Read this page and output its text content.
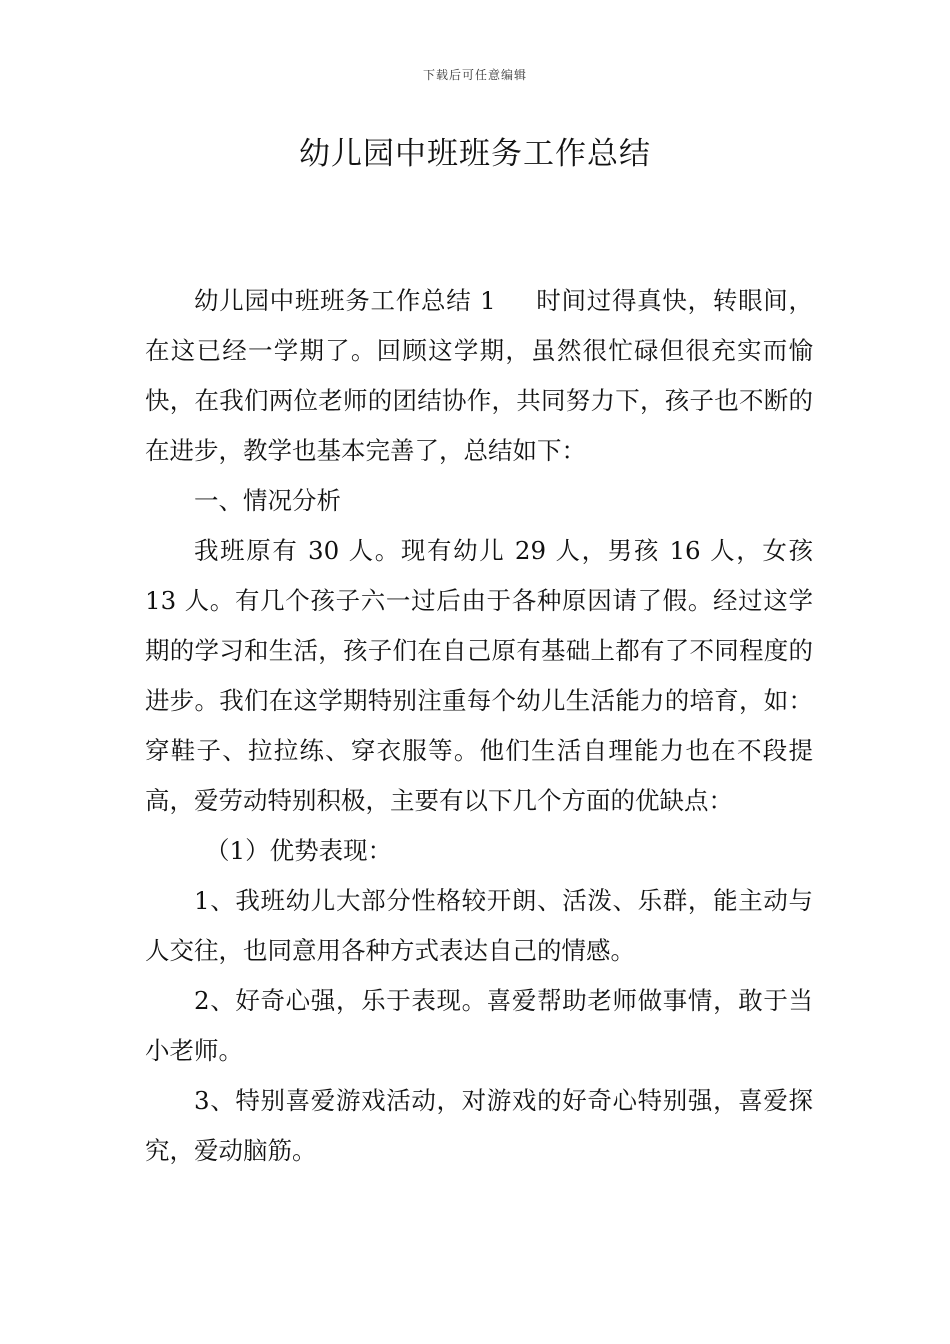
下载后可任意编辑
幼儿园中班班务工作总结

幼儿园中班班务工作总结 1 时间过得真快，转眼间，在这已经一学期了。回顾这学期，虽然很忙碌但很充实而愉快，在我们两位老师的团结协作，共同努力下，孩子也不断的在进步，教学也基本完善了，总结如下：

一、情况分析

我班原有 30 人。现有幼儿 29 人，男孩 16 人，女孩 13 人。有几个孩子六一过后由于各种原因请了假。经过这学期的学习和生活，孩子们在自己原有基础上都有了不同程度的进步。我们在这学期特别注重每个幼儿生活能力的培育，如：穿鞋子、拉拉练、穿衣服等。他们生活自理能力也在不段提高，爱劳动特别积极，主要有以下几个方面的优缺点：

（1）优势表现：

1、我班幼儿大部分性格较开朗、活泼、乐群，能主动与人交往，也同意用各种方式表达自己的情感。

2、好奇心强，乐于表现。喜爱帮助老师做事情，敢于当小老师。

3、特别喜爱游戏活动，对游戏的好奇心特别强，喜爱探究，爱动脑筋。
